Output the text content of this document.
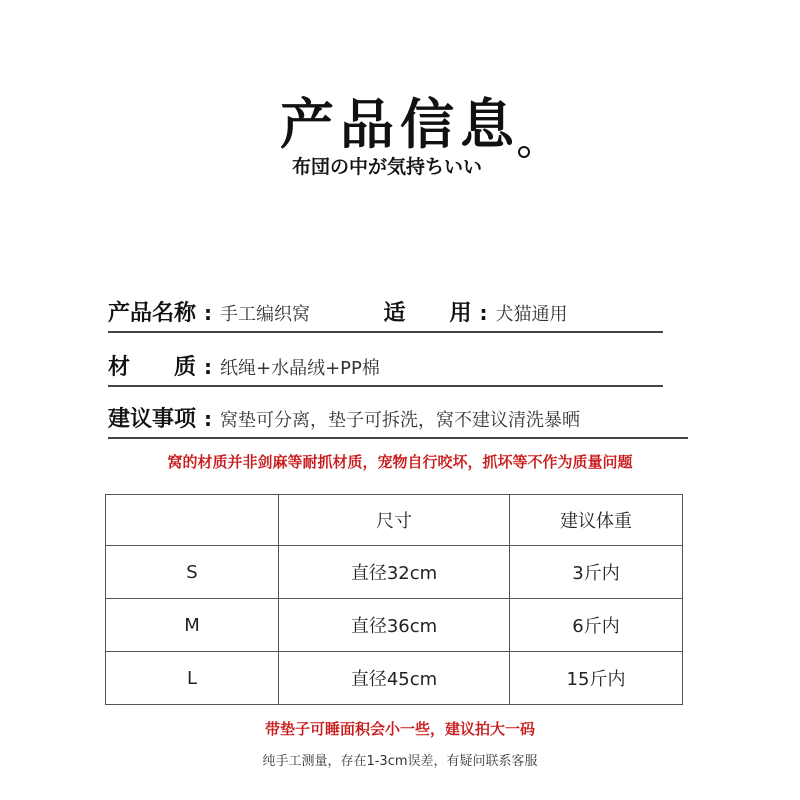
产品信息
布団の中が気持ちいい
产品名称 : 手工编织窝	适　　用 : 犬猫通用
材　　质 : 纸绳+水晶绒+PP棉
建议事项 : 窝垫可分离，垫子可拆洗，窝不建议清洗暴晒
窝的材质并非剑麻等耐抓材质，宠物自行咬坏，抓坏等不作为质量问题
	尺寸	建议体重
S	直径32cm	3斤内
M	直径36cm	6斤内
L	直径45cm	15斤内
带垫子可睡面积会小一些，建议拍大一码
纯手工测量，存在1-3cm误差，有疑问联系客服
